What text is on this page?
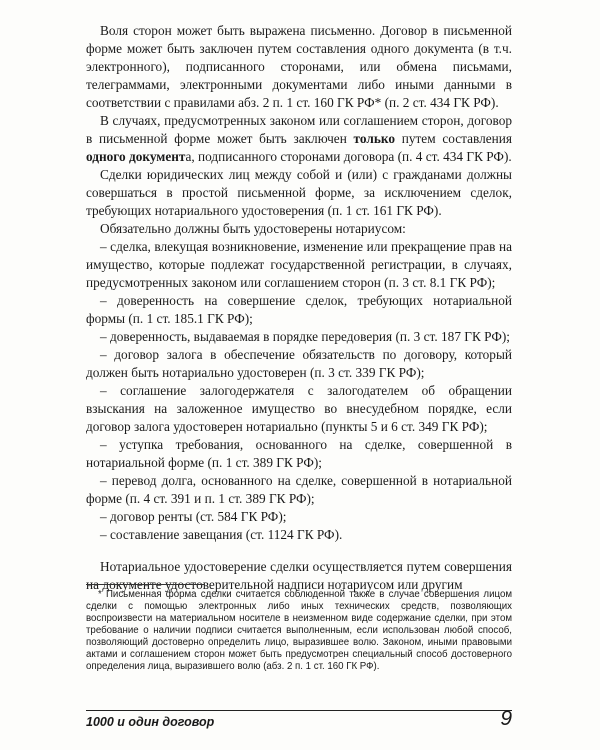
Воля сторон может быть выражена письменно. Договор в письменной форме может быть заключен путем составления одного документа (в т.ч. электронного), подписанного сторонами, или обмена письмами, телеграммами, электронными документами либо иными данными в соответствии с правилами абз. 2 п. 1 ст. 160 ГК РФ* (п. 2 ст. 434 ГК РФ).

В случаях, предусмотренных законом или соглашением сторон, договор в письменной форме может быть заключен только путем составления одного документа, подписанного сторонами договора (п. 4 ст. 434 ГК РФ).

Сделки юридических лиц между собой и (или) с гражданами должны совершаться в простой письменной форме, за исключением сделок, требующих нотариального удостоверения (п. 1 ст. 161 ГК РФ).

Обязательно должны быть удостоверены нотариусом:

– сделка, влекущая возникновение, изменение или прекращение прав на имущество, которые подлежат государственной регистрации, в случаях, предусмотренных законом или соглашением сторон (п. 3 ст. 8.1 ГК РФ);

– доверенность на совершение сделок, требующих нотариальной формы (п. 1 ст. 185.1 ГК РФ);

– доверенность, выдаваемая в порядке передоверия (п. 3 ст. 187 ГК РФ);

– договор залога в обеспечение обязательств по договору, который должен быть нотариально удостоверен (п. 3 ст. 339 ГК РФ);

– соглашение залогодержателя с залогодателем об обращении взыскания на заложенное имущество во внесудебном порядке, если договор залога удостоверен нотариально (пункты 5 и 6 ст. 349 ГК РФ);

– уступка требования, основанного на сделке, совершенной в нотариальной форме (п. 1 ст. 389 ГК РФ);

– перевод долга, основанного на сделке, совершенной в нотариальной форме (п. 4 ст. 391 и п. 1 ст. 389 ГК РФ);

– договор ренты (ст. 584 ГК РФ);

– составление завещания (ст. 1124 ГК РФ).

Нотариальное удостоверение сделки осуществляется путем совершения на документе удостоверительной надписи нотариусом или другим

* Письменная форма сделки считается соблюденной также в случае совершения лицом сделки с помощью электронных либо иных технических средств, позволяющих воспроизвести на материальном носителе в неизменном виде содержание сделки, при этом требование о наличии подписи считается выполненным, если использован любой способ, позволяющий достоверно определить лицо, выразившее волю. Законом, иными правовыми актами и соглашением сторон может быть предусмотрен специальный способ достоверного определения лица, выразившего волю (абз. 2 п. 1 ст. 160 ГК РФ).

1000 и один договор	9
